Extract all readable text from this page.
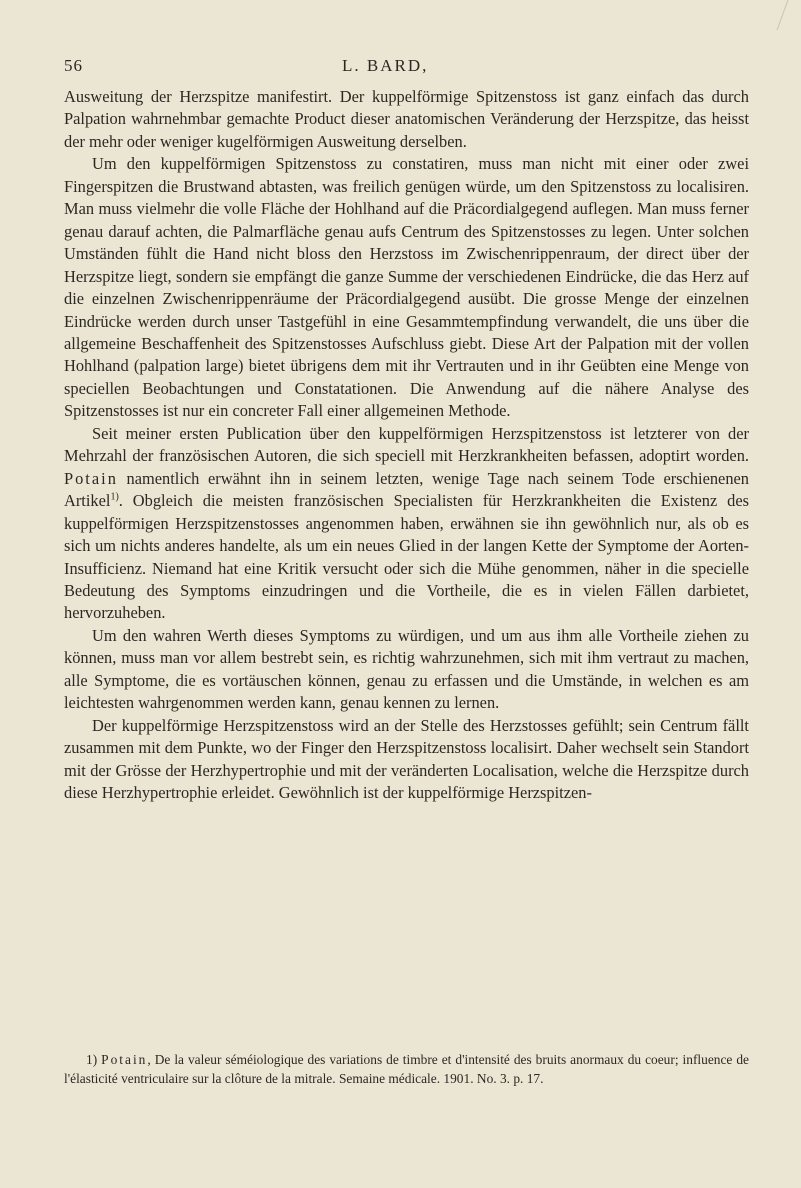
56	L. BARD,

Ausweitung der Herzspitze manifestirt. Der kuppelförmige Spitzenstoss ist ganz einfach das durch Palpation wahrnehmbar gemachte Product dieser anatomischen Veränderung der Herzspitze, das heisst der mehr oder weniger kugelförmigen Ausweitung derselben.

Um den kuppelförmigen Spitzenstoss zu constatiren, muss man nicht mit einer oder zwei Fingerspitzen die Brustwand abtasten, was freilich genügen würde, um den Spitzenstoss zu localisiren. Man muss vielmehr die volle Fläche der Hohlhand auf die Präcordialgegend auflegen. Man muss ferner genau darauf achten, die Palmarfläche genau aufs Centrum des Spitzenstosses zu legen. Unter solchen Umständen fühlt die Hand nicht bloss den Herzstoss im Zwischenrippenraum, der direct über der Herzspitze liegt, sondern sie empfängt die ganze Summe der verschiedenen Eindrücke, die das Herz auf die einzelnen Zwischenrippenräume der Präcordialgegend ausübt. Die grosse Menge der einzelnen Eindrücke werden durch unser Tastgefühl in eine Gesammtempfindung verwandelt, die uns über die allgemeine Beschaffenheit des Spitzenstosses Aufschluss giebt. Diese Art der Palpation mit der vollen Hohlhand (palpation large) bietet übrigens dem mit ihr Vertrauten und in ihr Geübten eine Menge von speciellen Beobachtungen und Constatationen. Die Anwendung auf die nähere Analyse des Spitzenstosses ist nur ein concreter Fall einer allgemeinen Methode.

Seit meiner ersten Publication über den kuppelförmigen Herzspitzenstoss ist letzterer von der Mehrzahl der französischen Autoren, die sich speciell mit Herzkrankheiten befassen, adoptirt worden. Potain namentlich erwähnt ihn in seinem letzten, wenige Tage nach seinem Tode erschienenen Artikel$^{1)}$. Obgleich die meisten französischen Specialisten für Herzkrankheiten die Existenz des kuppelförmigen Herzspitzenstosses angenommen haben, erwähnen sie ihn gewöhnlich nur, als ob es sich um nichts anderes handelte, als um ein neues Glied in der langen Kette der Symptome der Aorten-Insufficienz. Niemand hat eine Kritik versucht oder sich die Mühe genommen, näher in die specielle Bedeutung des Symptoms einzudringen und die Vortheile, die es in vielen Fällen darbietet, hervorzuheben.

Um den wahren Werth dieses Symptoms zu würdigen, und um aus ihm alle Vortheile ziehen zu können, muss man vor allem bestrebt sein, es richtig wahrzunehmen, sich mit ihm vertraut zu machen, alle Symptome, die es vortäuschen können, genau zu erfassen und die Umstände, in welchen es am leichtesten wahrgenommen werden kann, genau kennen zu lernen.

Der kuppelförmige Herzspitzenstoss wird an der Stelle des Herzstosses gefühlt; sein Centrum fällt zusammen mit dem Punkte, wo der Finger den Herzspitzenstoss localisirt. Daher wechselt sein Standort mit der Grösse der Herzhypertrophie und mit der veränderten Localisation, welche die Herzspitze durch diese Herzhypertrophie erleidet. Gewöhnlich ist der kuppelförmige Herzspitzen-

1) Potain, De la valeur séméiologique des variations de timbre et d'intensité des bruits anormaux du coeur; influence de l'élasticité ventriculaire sur la clôture de la mitrale. Semaine médicale. 1901. No. 3. p. 17.
